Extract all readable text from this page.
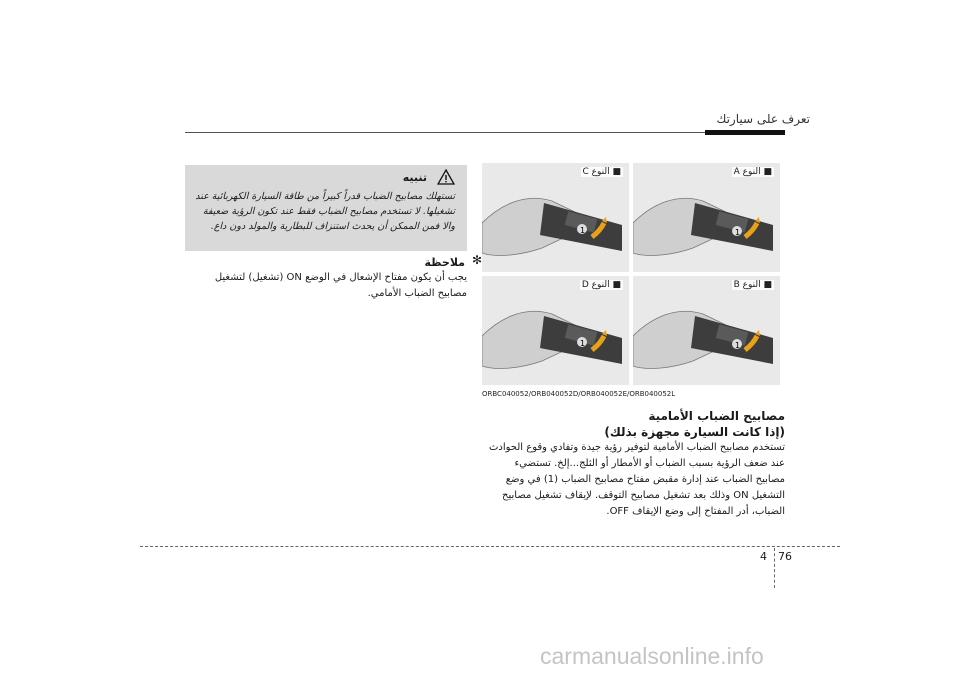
تعرف على سيارتك
1
■ النوع A
1
■ النوع C
1
■ النوع B
1
■ النوع D
ORBC040052/ORB040052D/ORB040052E/ORB040052L
مصابيح الضباب الأمامية
(إذا كانت السيارة مجهزة بذلك)
تستخدم مصابيح الضباب الأمامية لتوفير رؤية جيدة وتفادي وقوع الحوادث عند ضعف الرؤية بسبب الضباب أو الأمطار أو الثلج...إلخ. تستضيء مصابيح الضباب عند إدارة مقبض مفتاح مصابيح الضباب (1) في وضع التشغيل ON وذلك بعد تشغيل مصابيح التوقف. لإيقاف تشغيل مصابيح الضباب، أدر المفتاح إلى وضع الإيقاف OFF.
تنبيه
تستهلك مصابيح الضباب قدراً كبيراً من طاقة السيارة الكهربائية عند تشغيلها. لا تستخدم مصابيح الضباب فقط عند تكون الرؤية ضعيفة والا فمن الممكن أن يحدث استنزاف للبطارية والمولد دون داع.
✻
ملاحظة
يجب أن يكون مفتاح الإشعال في الوضع ON (تشغيل) لتشغيل مصابيح الضباب الأمامي.
4 76
carmanualsonline.info
